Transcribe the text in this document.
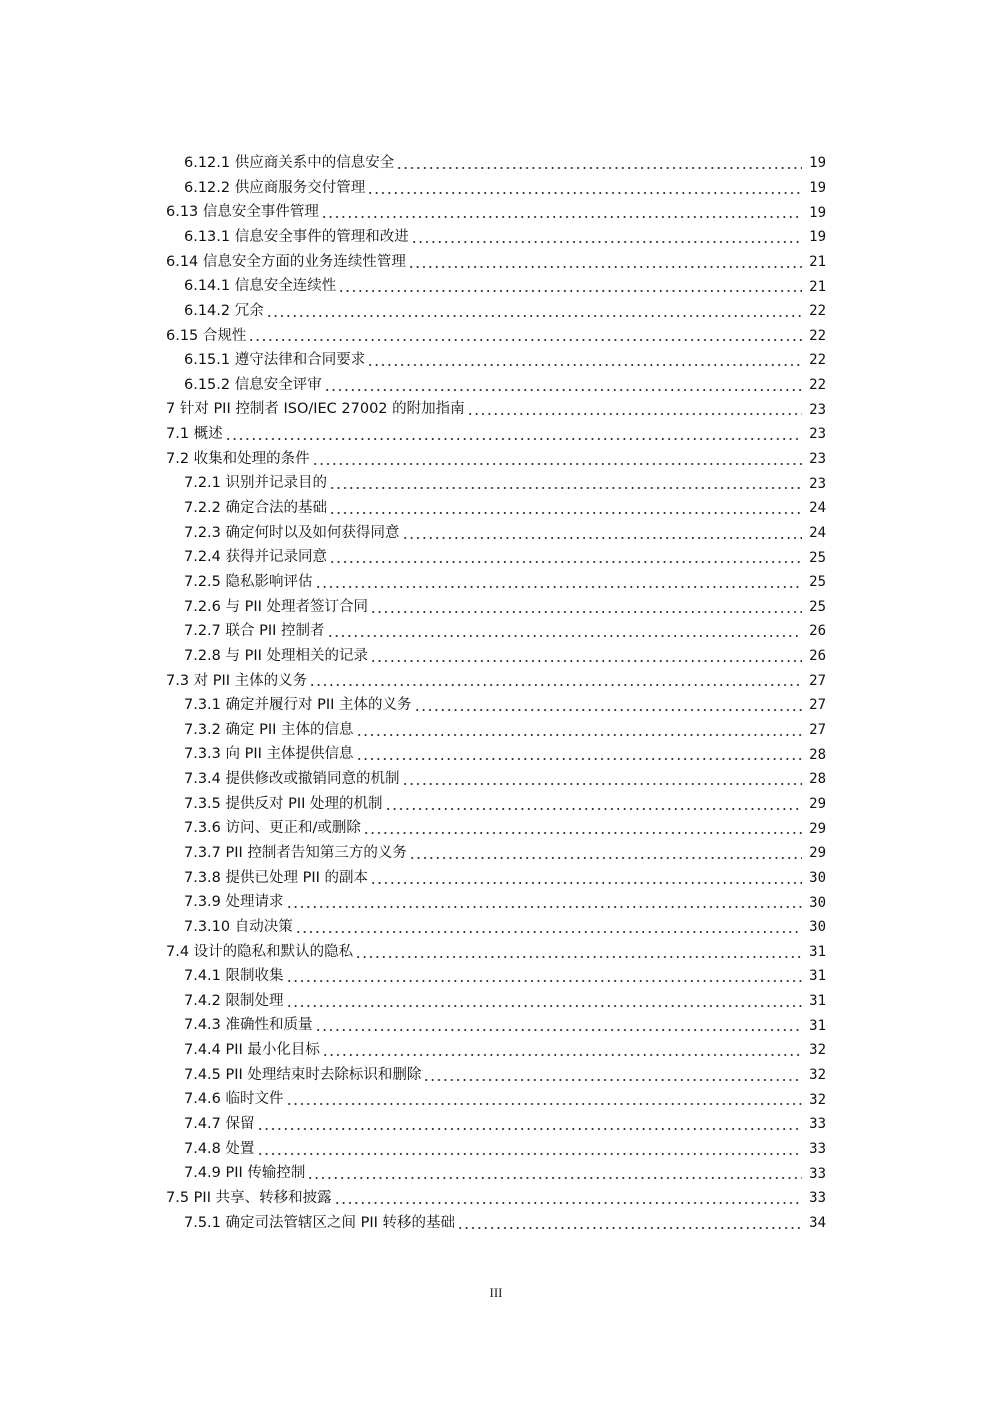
6.12.1 供应商关系中的信息安全	19
6.12.2 供应商服务交付管理	19
6.13 信息安全事件管理	19
6.13.1 信息安全事件的管理和改进	19
6.14 信息安全方面的业务连续性管理	21
6.14.1 信息安全连续性	21
6.14.2 冗余	22
6.15 合规性	22
6.15.1 遵守法律和合同要求	22
6.15.2 信息安全评审	22
7 针对 PII 控制者 ISO/IEC 27002 的附加指南	23
7.1 概述	23
7.2 收集和处理的条件	23
7.2.1 识别并记录目的	23
7.2.2 确定合法的基础	24
7.2.3 确定何时以及如何获得同意	24
7.2.4 获得并记录同意	25
7.2.5 隐私影响评估	25
7.2.6 与 PII 处理者签订合同	25
7.2.7 联合 PII 控制者	26
7.2.8 与 PII 处理相关的记录	26
7.3 对 PII 主体的义务	27
7.3.1 确定并履行对 PII 主体的义务	27
7.3.2 确定 PII 主体的信息	27
7.3.3 向 PII 主体提供信息	28
7.3.4 提供修改或撤销同意的机制	28
7.3.5 提供反对 PII 处理的机制	29
7.3.6 访问、更正和/或删除	29
7.3.7 PII 控制者告知第三方的义务	29
7.3.8 提供已处理 PII 的副本	30
7.3.9 处理请求	30
7.3.10 自动决策	30
7.4 设计的隐私和默认的隐私	31
7.4.1 限制收集	31
7.4.2 限制处理	31
7.4.3 准确性和质量	31
7.4.4 PII 最小化目标	32
7.4.5 PII 处理结束时去除标识和删除	32
7.4.6 临时文件	32
7.4.7 保留	33
7.4.8 处置	33
7.4.9 PII 传输控制	33
7.5 PII 共享、转移和披露	33
7.5.1 确定司法管辖区之间 PII 转移的基础	34
III
